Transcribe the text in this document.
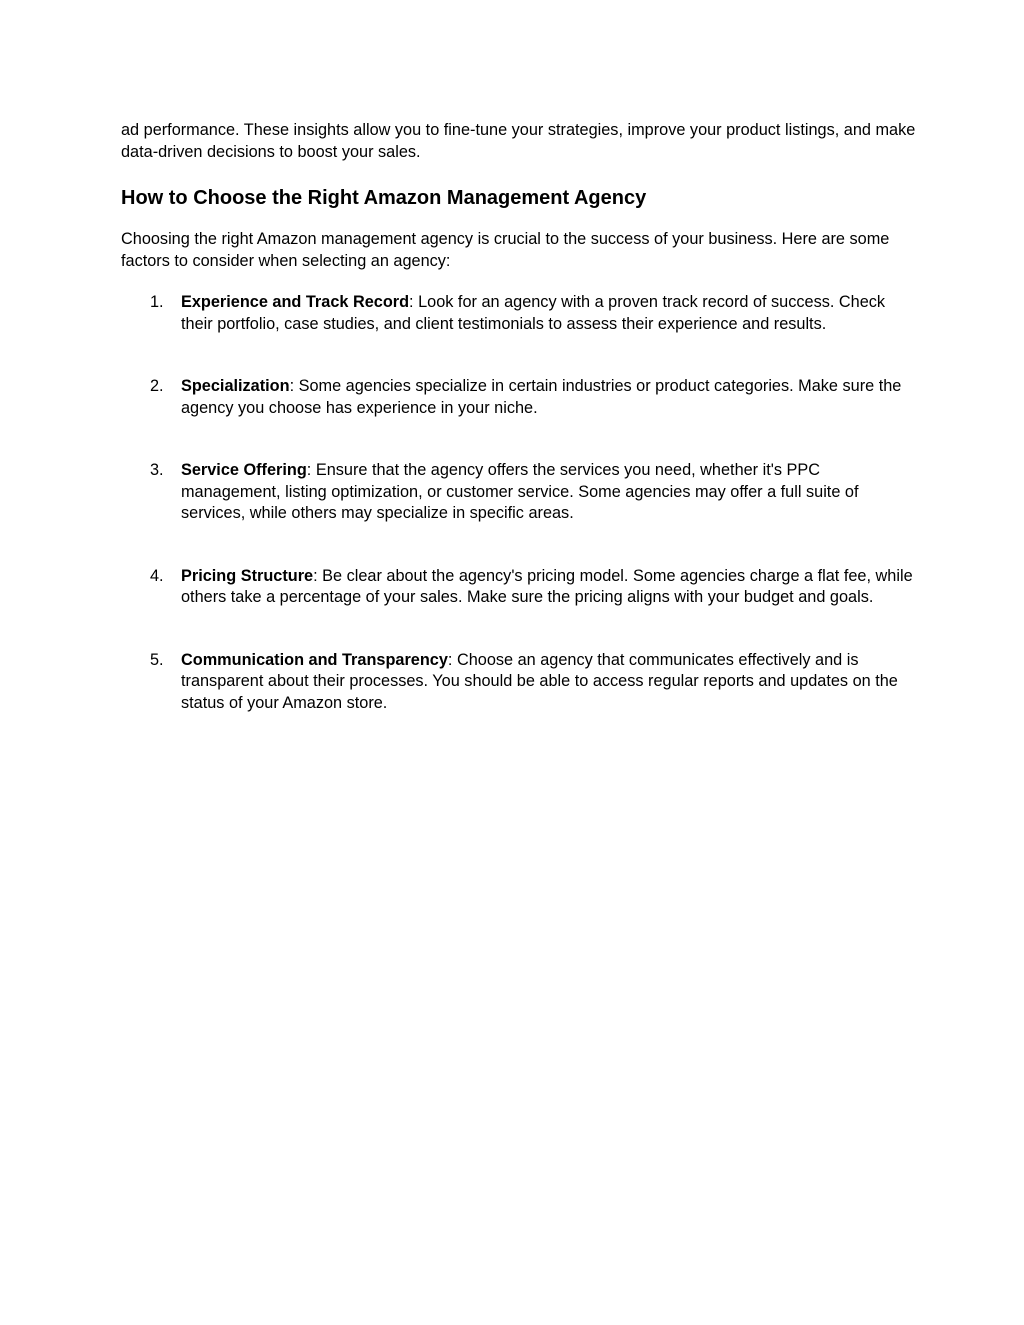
ad performance. These insights allow you to fine-tune your strategies, improve your product listings, and make data-driven decisions to boost your sales.

How to Choose the Right Amazon Management Agency

Choosing the right Amazon management agency is crucial to the success of your business. Here are some factors to consider when selecting an agency:

1. Experience and Track Record: Look for an agency with a proven track record of success. Check their portfolio, case studies, and client testimonials to assess their experience and results.
2. Specialization: Some agencies specialize in certain industries or product categories. Make sure the agency you choose has experience in your niche.
3. Service Offering: Ensure that the agency offers the services you need, whether it's PPC management, listing optimization, or customer service. Some agencies may offer a full suite of services, while others may specialize in specific areas.
4. Pricing Structure: Be clear about the agency's pricing model. Some agencies charge a flat fee, while others take a percentage of your sales. Make sure the pricing aligns with your budget and goals.
5. Communication and Transparency: Choose an agency that communicates effectively and is transparent about their processes. You should be able to access regular reports and updates on the status of your Amazon store.
